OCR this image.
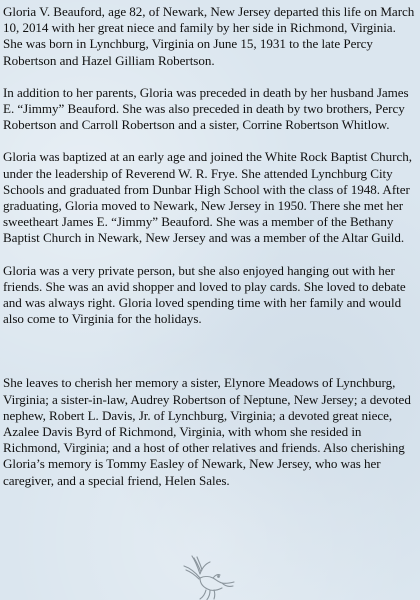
Gloria V. Beauford, age 82, of Newark, New Jersey departed this life on March 10, 2014 with her great niece and family by her side in Richmond, Virginia. She was born in Lynchburg, Virginia on June 15, 1931 to the late Percy Robertson and Hazel Gilliam Robertson.

In addition to her parents, Gloria was preceded in death by her husband James E. “Jimmy” Beauford. She was also preceded in death by two brothers, Percy Robertson and Carroll Robertson and a sister, Corrine Robertson Whitlow.

Gloria was baptized at an early age and joined the White Rock Baptist Church, under the leadership of Reverend W. R. Frye. She attended Lynchburg City Schools and graduated from Dunbar High School with the class of 1948. After graduating, Gloria moved to Newark, New Jersey in 1950. There she met her sweetheart James E. “Jimmy” Beauford. She was a member of the Bethany Baptist Church in Newark, New Jersey and was a member of the Altar Guild.

Gloria was a very private person, but she also enjoyed hanging out with her friends. She was an avid shopper and loved to play cards. She loved to debate and was always right. Gloria loved spending time with her family and would also come to Virginia for the holidays.

She leaves to cherish her memory a sister, Elynore Meadows of Lynchburg, Virginia; a sister-in-law, Audrey Robertson of Neptune, New Jersey; a devoted nephew, Robert L. Davis, Jr. of Lynchburg, Virginia; a devoted great niece, Azalee Davis Byrd of Richmond, Virginia, with whom she resided in Richmond, Virginia; and a host of other relatives and friends. Also cherishing Gloria’s memory is Tommy Easley of Newark, New Jersey, who was her caregiver, and a special friend, Helen Sales.
